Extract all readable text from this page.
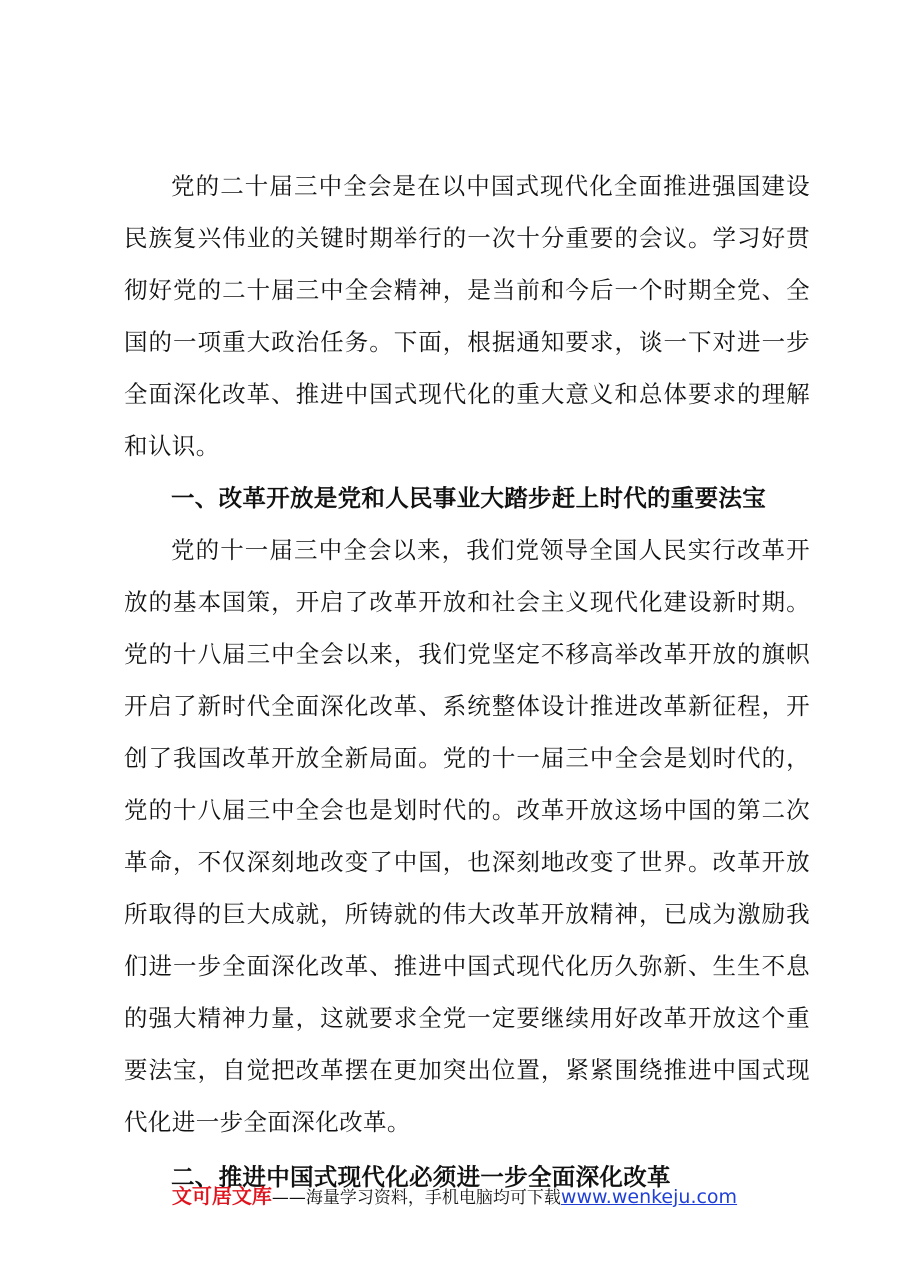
党的二十届三中全会是在以中国式现代化全面推进强国建设民族复兴伟业的关键时期举行的一次十分重要的会议。学习好贯彻好党的二十届三中全会精神，是当前和今后一个时期全党、全国的一项重大政治任务。下面，根据通知要求，谈一下对进一步全面深化改革、推进中国式现代化的重大意义和总体要求的理解和认识。

一、改革开放是党和人民事业大踏步赶上时代的重要法宝

党的十一届三中全会以来，我们党领导全国人民实行改革开放的基本国策，开启了改革开放和社会主义现代化建设新时期。党的十八届三中全会以来，我们党坚定不移高举改革开放的旗帜开启了新时代全面深化改革、系统整体设计推进改革新征程，开创了我国改革开放全新局面。党的十一届三中全会是划时代的，党的十八届三中全会也是划时代的。改革开放这场中国的第二次革命，不仅深刻地改变了中国，也深刻地改变了世界。改革开放所取得的巨大成就，所铸就的伟大改革开放精神，已成为激励我们进一步全面深化改革、推进中国式现代化历久弥新、生生不息的强大精神力量，这就要求全党一定要继续用好改革开放这个重要法宝，自觉把改革摆在更加突出位置，紧紧围绕推进中国式现代化进一步全面深化改革。

二、推进中国式现代化必须进一步全面深化改革

文可居文库——海量学习资料，手机电脑均可下载www.wenkeju.com
